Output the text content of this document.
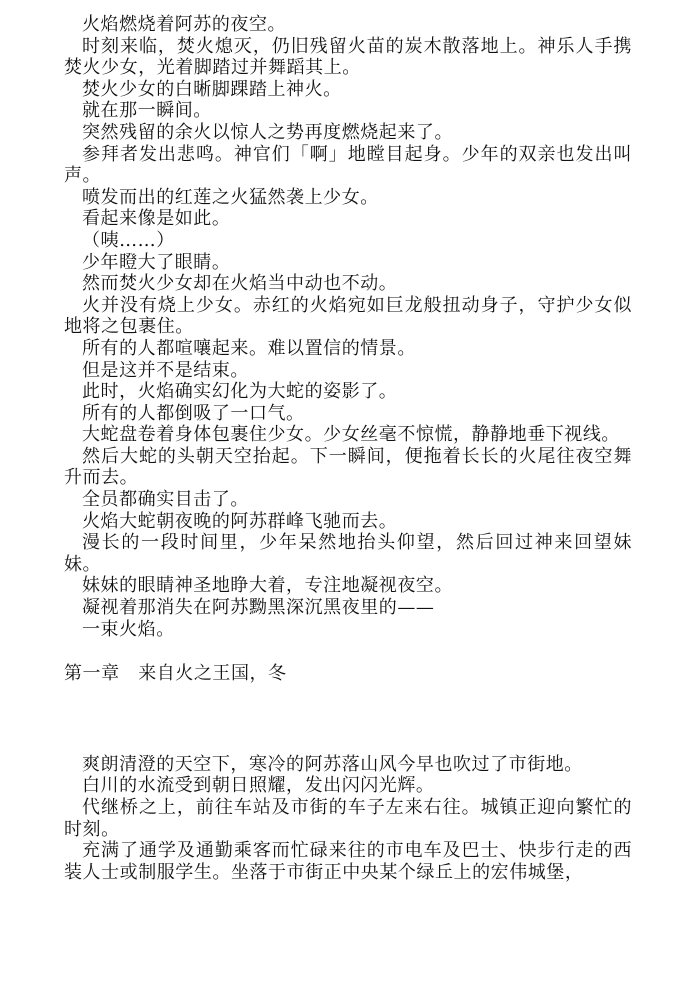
火焰燃烧着阿苏的夜空。

时刻来临，焚火熄灭，仍旧残留火苗的炭木散落地上。神乐人手携焚火少女，光着脚踏过并舞蹈其上。

焚火少女的白晰脚踝踏上神火。

就在那一瞬间。

突然残留的余火以惊人之势再度燃烧起来了。

参拜者发出悲鸣。神官们「啊」地瞠目起身。少年的双亲也发出叫声。

喷发而出的红莲之火猛然袭上少女。

看起来像是如此。

（咦……）

少年瞪大了眼睛。

然而焚火少女却在火焰当中动也不动。

火并没有烧上少女。赤红的火焰宛如巨龙般扭动身子，守护少女似地将之包裹住。

所有的人都喧嚷起来。难以置信的情景。

但是这并不是结束。

此时，火焰确实幻化为大蛇的姿影了。

所有的人都倒吸了一口气。

大蛇盘卷着身体包裹住少女。少女丝毫不惊慌，静静地垂下视线。

然后大蛇的头朝天空抬起。下一瞬间，便拖着长长的火尾往夜空舞升而去。

全员都确实目击了。

火焰大蛇朝夜晚的阿苏群峰飞驰而去。

漫长的一段时间里，少年呆然地抬头仰望，然后回过神来回望妹妹。

妹妹的眼睛神圣地睁大着，专注地凝视夜空。

凝视着那消失在阿苏黝黑深沉黑夜里的——

一束火焰。

第一章　来自火之王国，冬

爽朗清澄的天空下，寒冷的阿苏落山风今早也吹过了市街地。

白川的水流受到朝日照耀，发出闪闪光辉。

代继桥之上，前往车站及市街的车子左来右往。城镇正迎向繁忙的时刻。

充满了通学及通勤乘客而忙碌来往的市电车及巴士、快步行走的西装人士或制服学生。坐落于市街正中央某个绿丘上的宏伟城堡，
